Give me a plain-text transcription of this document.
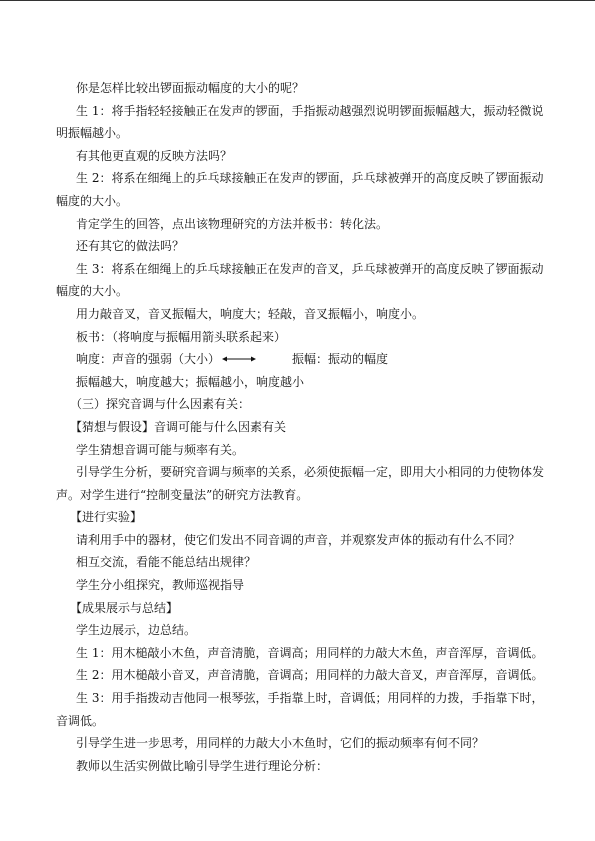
你是怎样比较出锣面振动幅度的大小的呢？

生 1：将手指轻轻接触正在发声的锣面，手指振动越强烈说明锣面振幅越大，振动轻微说明振幅越小。

有其他更直观的反映方法吗？

生 2：将系在细绳上的乒乓球接触正在发声的锣面，乒乓球被弹开的高度反映了锣面振动幅度的大小。

肯定学生的回答，点出该物理研究的方法并板书：转化法。

还有其它的做法吗？

生 3：将系在细绳上的乒乓球接触正在发声的音叉，乒乓球被弹开的高度反映了锣面振动幅度的大小。

用力敲音叉，音叉振幅大，响度大；轻敲，音叉振幅小，响度小。

板书：（将响度与振幅用箭头联系起来）

响度：声音的强弱（大小）	振幅：振动的幅度

振幅越大，响度越大；振幅越小，响度越小

（三）探究音调与什么因素有关：

【猜想与假设】音调可能与什么因素有关

学生猜想音调可能与频率有关。

引导学生分析，要研究音调与频率的关系，必须使振幅一定，即用大小相同的力使物体发声。对学生进行“控制变量法”的研究方法教育。

【进行实验】

请利用手中的器材，使它们发出不同音调的声音，并观察发声体的振动有什么不同？

相互交流，看能不能总结出规律？

学生分小组探究，教师巡视指导

【成果展示与总结】

学生边展示，边总结。

生 1：用木槌敲小木鱼，声音清脆，音调高；用同样的力敲大木鱼，声音浑厚，音调低。

生 2：用木槌敲小音叉，声音清脆，音调高；用同样的力敲大音叉，声音浑厚，音调低。

生 3：用手指拨动吉他同一根琴弦，手指靠上时，音调低；用同样的力拨，手指靠下时，音调低。

引导学生进一步思考，用同样的力敲大小木鱼时，它们的振动频率有何不同？

教师以生活实例做比喻引导学生进行理论分析：
